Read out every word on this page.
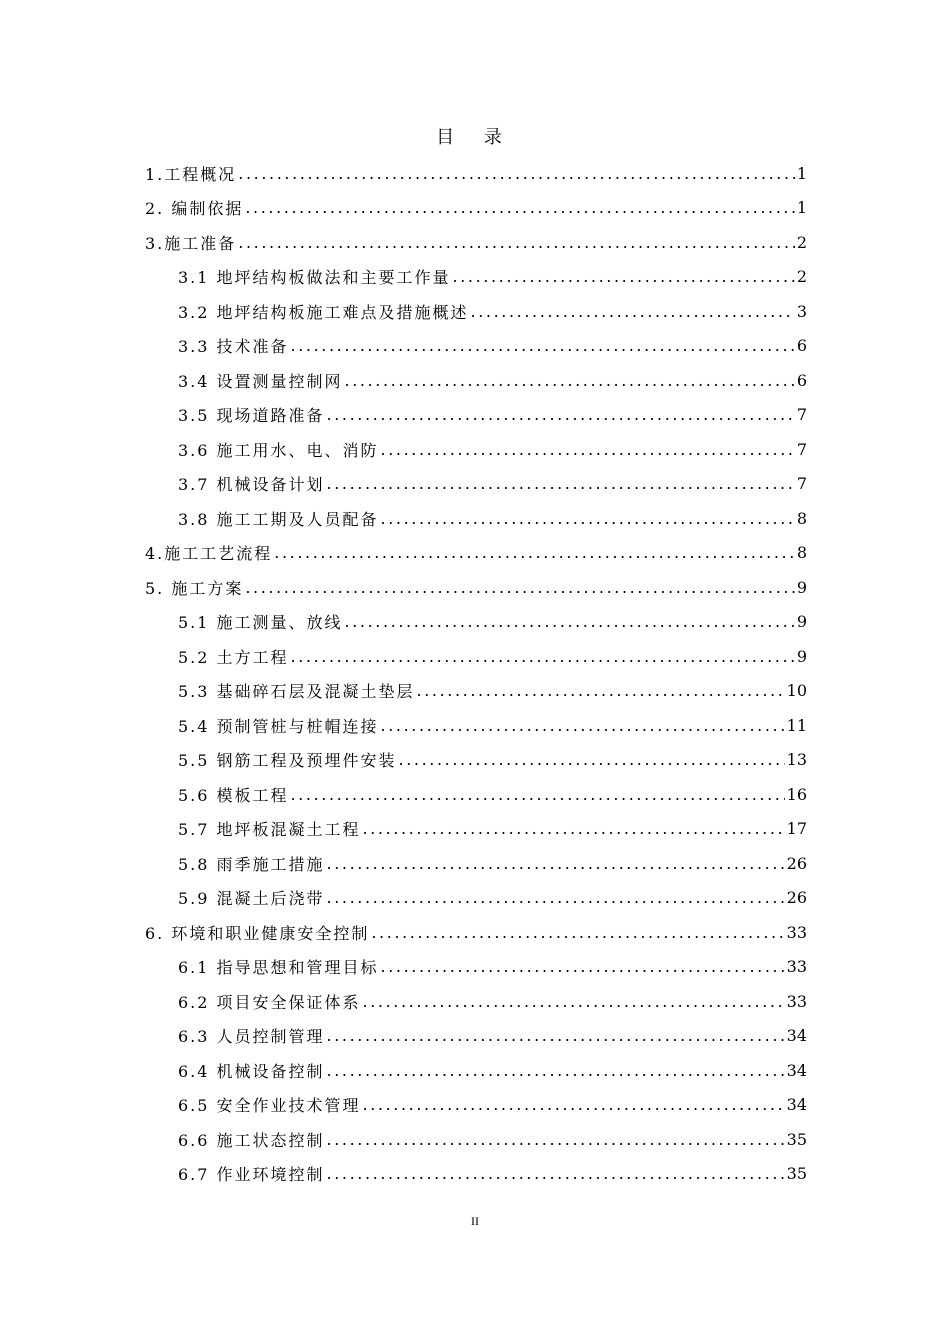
目 录
1.工程概况 .....	1
2. 编制依据 .....	1
3.施工准备 .....	2
3.1 地坪结构板做法和主要工作量 .....	2
3.2 地坪结构板施工难点及措施概述 .....	3
3.3 技术准备 .....	6
3.4 设置测量控制网 .....	6
3.5 现场道路准备 .....	7
3.6 施工用水、电、消防 .....	7
3.7 机械设备计划 .....	7
3.8 施工工期及人员配备 .....	8
4.施工工艺流程 .....	8
5. 施工方案 .....	9
5.1 施工测量、放线 .....	9
5.2 土方工程 .....	9
5.3 基础碎石层及混凝土垫层 .....	10
5.4 预制管桩与桩帽连接 .....	11
5.5 钢筋工程及预埋件安装 .....	13
5.6 模板工程 .....	16
5.7 地坪板混凝土工程 .....	17
5.8 雨季施工措施 .....	26
5.9 混凝土后浇带 .....	26
6. 环境和职业健康安全控制 .....	33
6.1 指导思想和管理目标 .....	33
6.2 项目安全保证体系 .....	33
6.3 人员控制管理 .....	34
6.4 机械设备控制 .....	34
6.5 安全作业技术管理 .....	34
6.6 施工状态控制 .....	35
6.7 作业环境控制 .....	35
II
